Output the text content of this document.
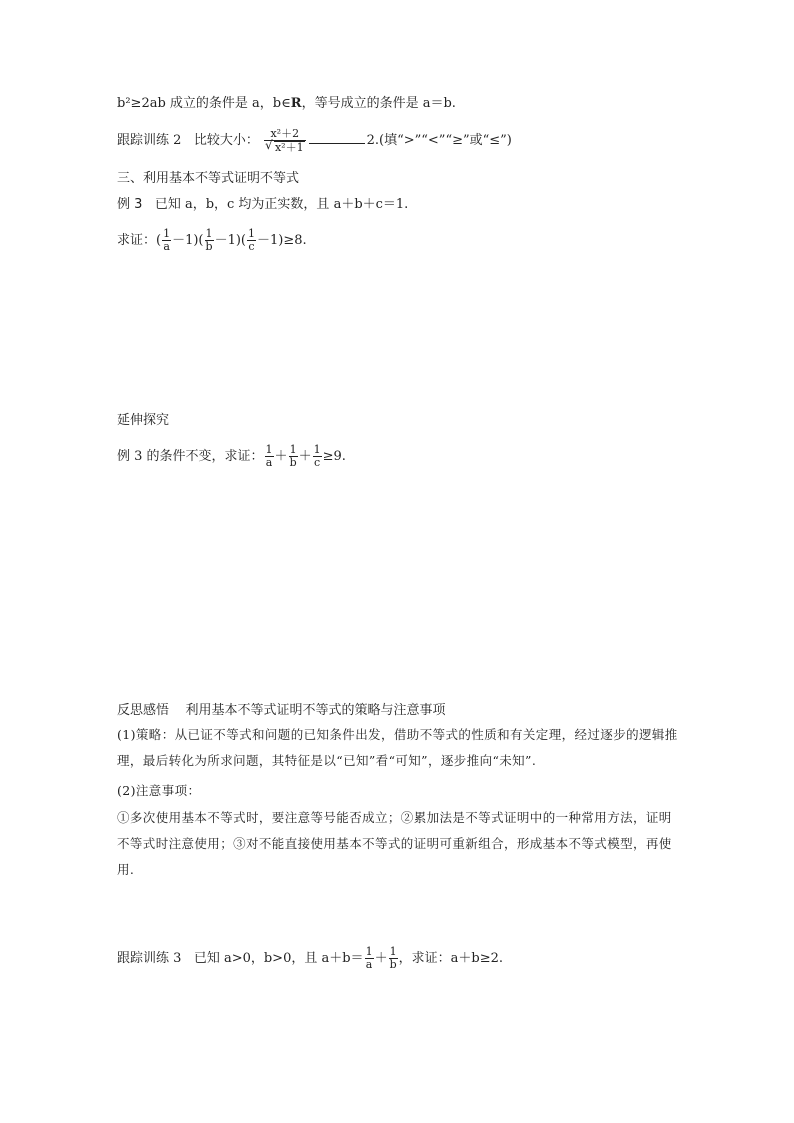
b²≥2ab 成立的条件是 a，b∈R，等号成立的条件是 a＝b.
跟踪训练 2 比较大小： $\frac{\text{x²＋2}}{\text{√ x²＋1}}$	2.(填“>”“<”“≥”或“≤”)
三、利用基本不等式证明不等式
例 3 已知 a，b，c 均为正实数，且 a＋b＋c＝1.
求证：( $\frac{1}{a} -1)( \frac{1}{b} -1)( \frac{1}{c} -1)\ge 8$.
延伸探究
例 3 的条件不变，求证： $\frac{1}{a} + \frac{1}{b} + \frac{1}{c} \ge 9$.
反思感悟 利用基本不等式证明不等式的策略与注意事项
(1)策略：从已证不等式和问题的已知条件出发，借助不等式的性质和有关定理，经过逐步的逻辑推理，最后转化为所求问题，其特征是以“已知”看“可知”，逐步推向“未知”.
(2)注意事项：
①多次使用基本不等式时，要注意等号能否成立；②累加法是不等式证明中的一种常用方法，证明不等式时注意使用；③对不能直接使用基本不等式的证明可重新组合，形成基本不等式模型，再使用.
跟踪训练 3 已知 a>0，b>0，且 $a+b= \frac{1}{a} + \frac{1}{b}$ ，求证：a＋b≥2.
